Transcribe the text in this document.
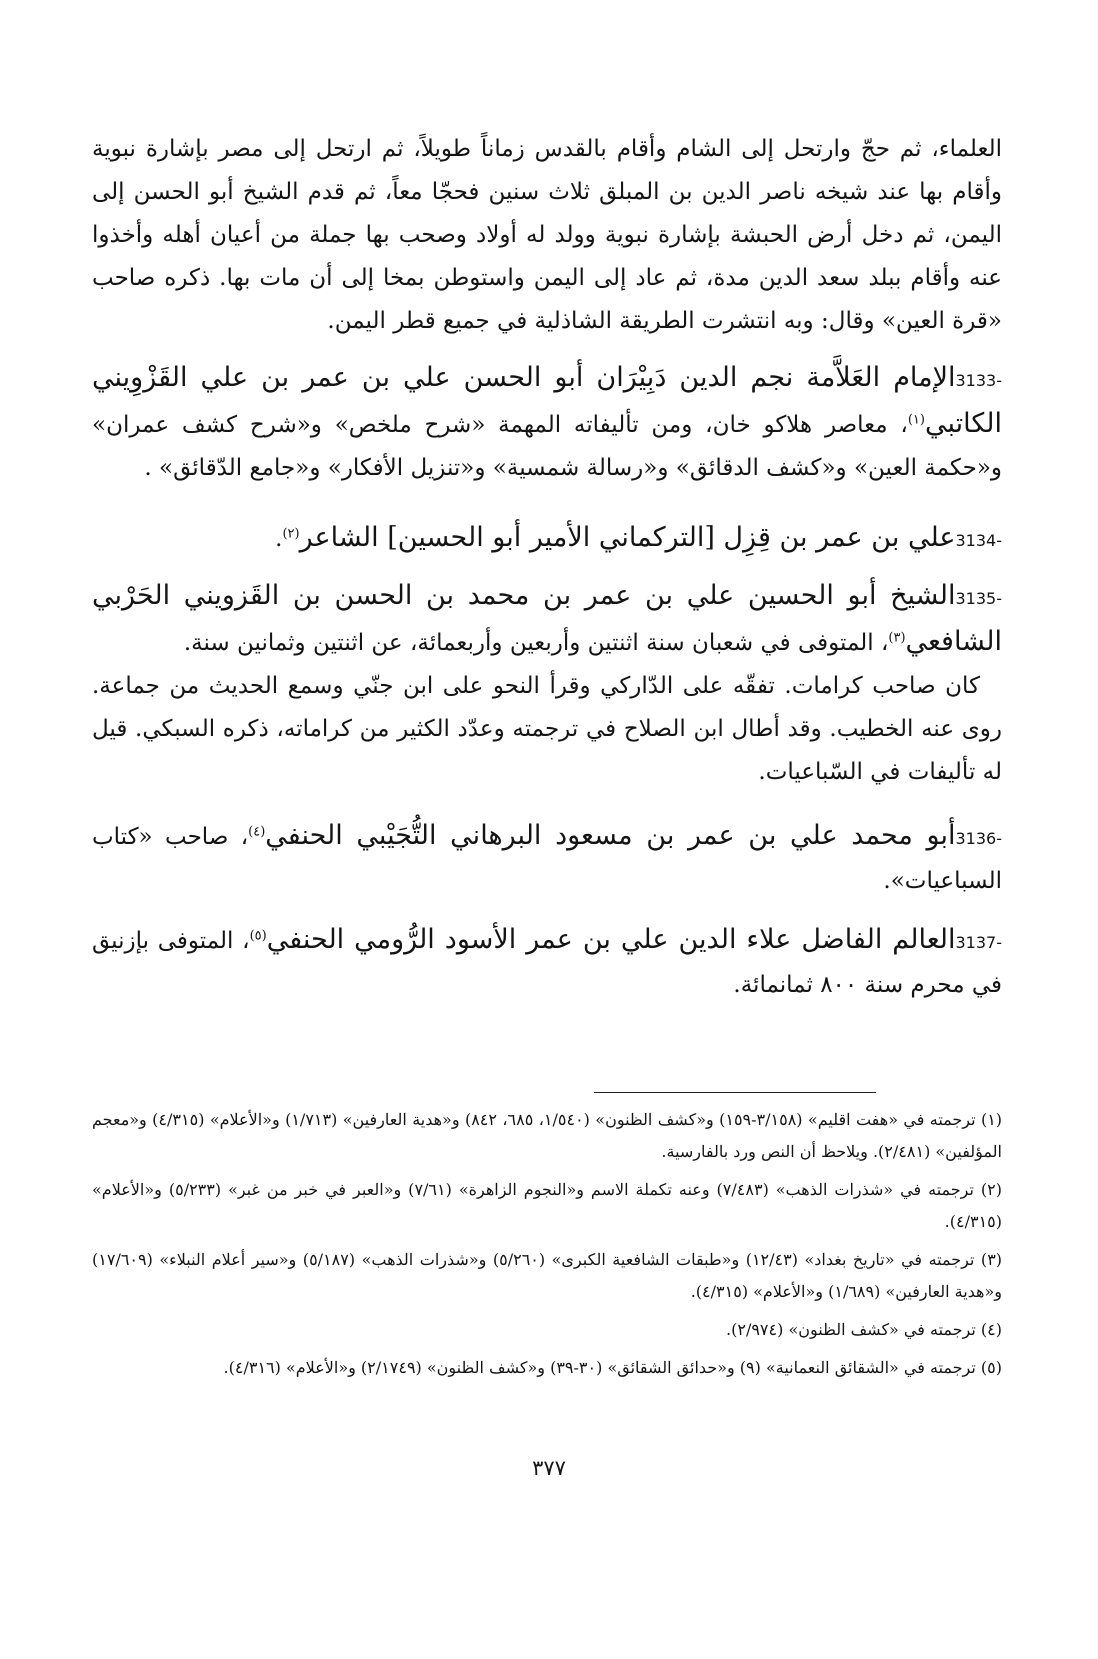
العلماء، ثم حجّ وارتحل إلى الشام وأقام بالقدس زماناً طويلاً، ثم ارتحل إلى مصر بإشارة نبوية وأقام بها عند شيخه ناصر الدين بن المبلق ثلاث سنين فحجّا معاً، ثم قدم الشيخ أبو الحسن إلى اليمن، ثم دخل أرض الحبشة بإشارة نبوية وولد له أولاد وصحب بها جملة من أعيان أهله وأخذوا عنه وأقام ببلد سعد الدين مدة، ثم عاد إلى اليمن واستوطن بمخا إلى أن مات بها. ذكره صاحب «قرة العين» وقال: وبه انتشرت الطريقة الشاذلية في جميع قطر اليمن.

3133-الإمام العَلاَّمة نجم الدين دَبِيْرَان أبو الحسن علي بن عمر بن علي القَزْوِيني الكاتبي$^{(١)}$، معاصر هلاكو خان، ومن تأليفاته المهمة «شرح ملخص» و«شرح كشف عمران» و«حكمة العين» و«كشف الدقائق» و«رسالة شمسية» و«تنزيل الأفكار» و«جامع الدّقائق» .

3134-علي بن عمر بن قِزِل [التركماني الأمير أبو الحسين] الشاعر$^{(٢)}$.

3135-الشيخ أبو الحسين علي بن عمر بن محمد بن الحسن بن القَزويني الحَرْبي الشافعي$^{(٣)}$، المتوفى في شعبان سنة اثنتين وأربعين وأربعمائة، عن اثنتين وثمانين سنة.

كان صاحب كرامات. تفقّه على الدّاركي وقرأ النحو على ابن جنّي وسمع الحديث من جماعة. روى عنه الخطيب. وقد أطال ابن الصلاح في ترجمته وعدّد الكثير من كراماته، ذكره السبكي. قيل له تأليفات في السّباعيات.

3136-أبو محمد علي بن عمر بن مسعود البرهاني التُّجَيْبي الحنفي$^{(٤)}$، صاحب «كتاب السباعيات».

3137-العالم الفاضل علاء الدين علي بن عمر الأسود الرُّومي الحنفي$^{(٥)}$، المتوفى بإزنيق في محرم سنة ٨٠٠ ثمانمائة.

(١) ترجمته في «هفت اقليم» (٣/١٥٨-١٥٩) و«كشف الظنون» (١/٥٤٠، ٦٨٥، ٨٤٢) و«هدية العارفين» (١/٧١٣) و«الأعلام» (٤/٣١٥) و«معجم المؤلفين» (٢/٤٨١). ويلاحظ أن النص ورد بالفارسية.

(٢) ترجمته في «شذرات الذهب» (٧/٤٨٣) وعنه تكملة الاسم و«النجوم الزاهرة» (٧/٦١) و«العبر في خبر من غبر» (٥/٢٣٣) و«الأعلام» (٤/٣١٥).

(٣) ترجمته في «تاريخ بغداد» (١٢/٤٣) و«طبقات الشافعية الكبرى» (٥/٢٦٠) و«شذرات الذهب» (٥/١٨٧) و«سير أعلام النبلاء» (١٧/٦٠٩) و«هدية العارفين» (١/٦٨٩) و«الأعلام» (٤/٣١٥).

(٤) ترجمته في «كشف الظنون» (٢/٩٧٤).

(٥) ترجمته في «الشقائق النعمانية» (٩) و«حدائق الشقائق» (٣٠-٣٩) و«كشف الظنون» (٢/١٧٤٩) و«الأعلام» (٤/٣١٦).

٣٧٧
